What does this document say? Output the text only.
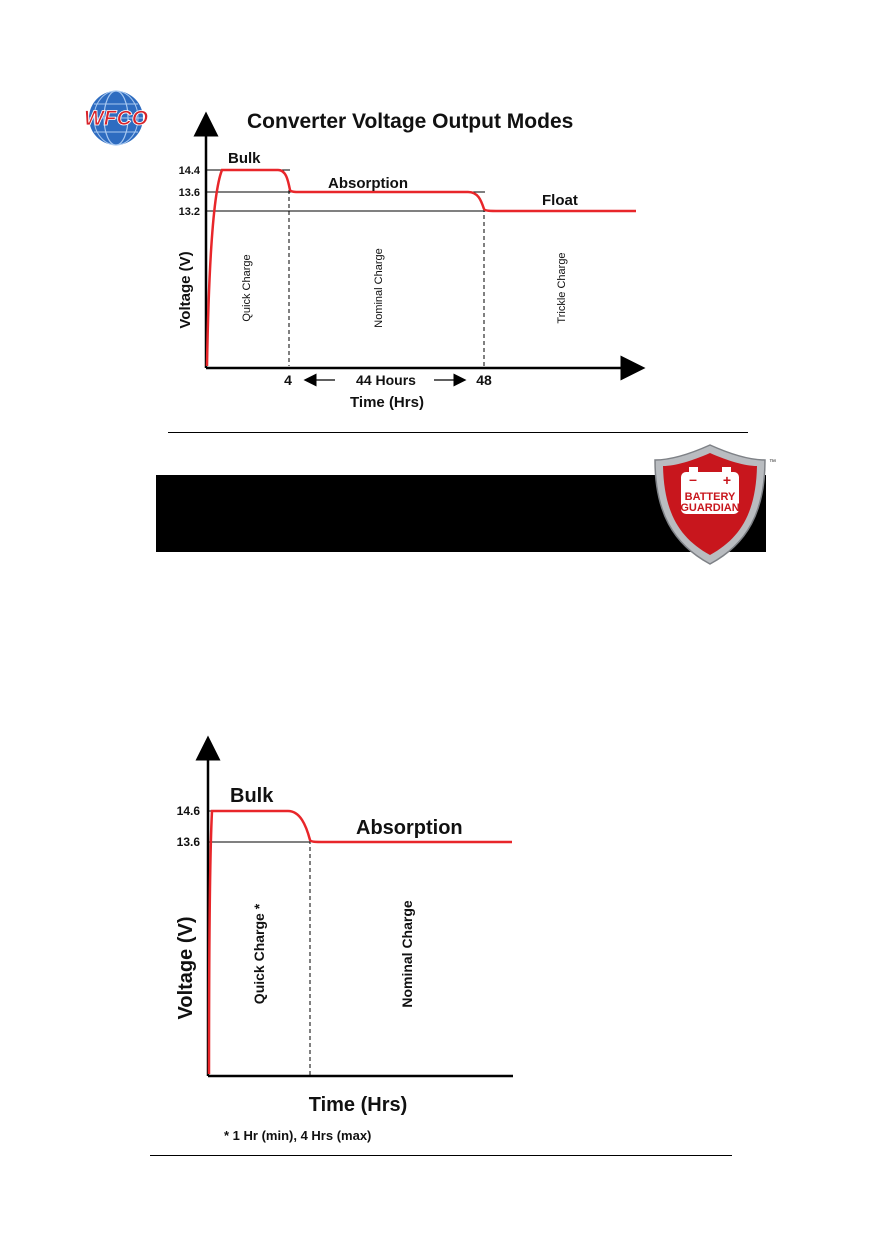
WFCO	Converter Voltage Output Modes
14.4
13.6
13.2
Bulk
Absorption
Float
Quick Charge	Nominal Charge	Trickle Charge
Voltage (V)
4	48
44 Hours
Time (Hrs)
– +
BATTERY
GUARDIAN
™
14.6
13.6
Bulk
Absorption
Quick Charge *	Nominal Charge
Voltage (V)
Time (Hrs)
* 1 Hr (min), 4 Hrs (max)
